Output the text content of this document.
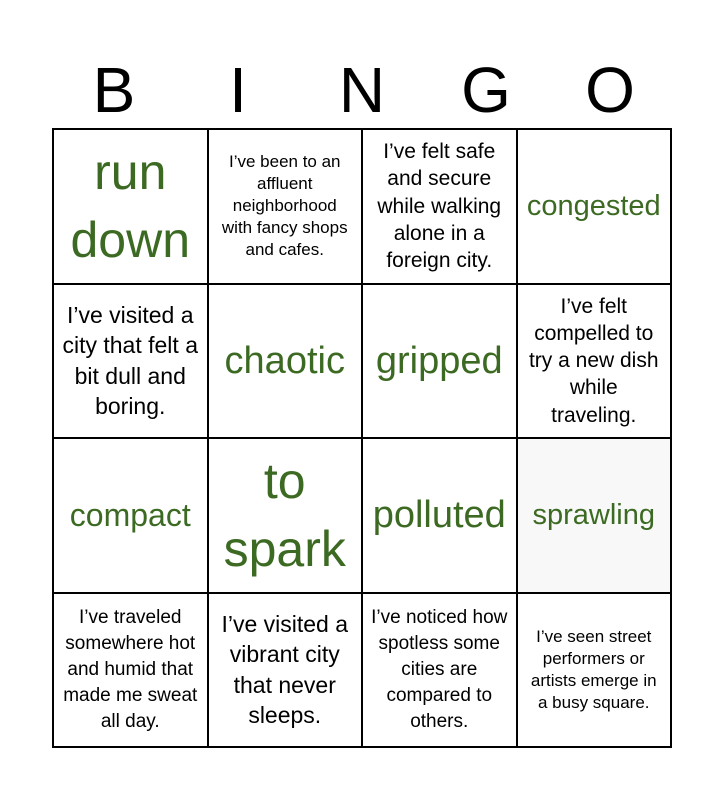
B	I	N	G	O
run down
I’ve been to an affluent neighborhood with fancy shops and cafes.
I’ve felt safe and secure while walking alone in a foreign city.
congested
I’ve visited a city that felt a bit dull and boring.
chaotic gripped
I’ve felt compelled to try a new dish while traveling.
compact
to spark
polluted sprawling
I’ve traveled somewhere hot and humid that made me sweat all day.
I’ve visited a vibrant city that never sleeps.
I’ve noticed how spotless some cities are compared to others.
I’ve seen street performers or artists emerge in a busy square.
